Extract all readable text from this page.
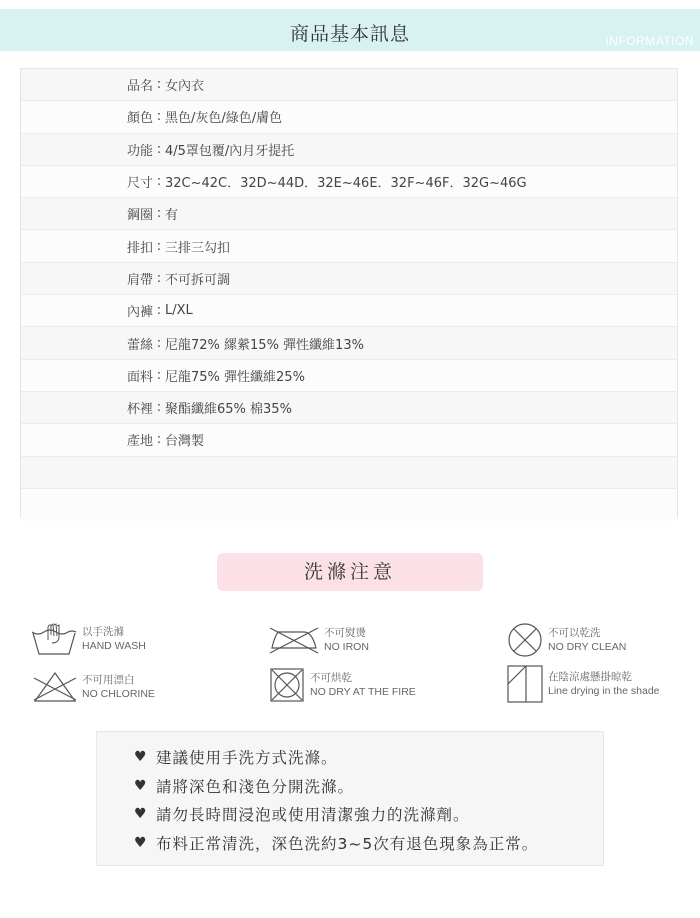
商品基本訊息	INFORMATION
品名 : 女內衣
顏色 : 黑色/灰色/綠色/膚色
功能 : 4/5罩包覆/內月牙提托
尺寸 : 32C~42C．32D~44D．32E~46E．32F~46F．32G~46G
鋼圈 : 有
排扣 : 三排三勾扣
肩帶 : 不可拆可調
內褲 : L/XL
蕾絲 : 尼龍72% 縲縈15% 彈性纖維13%
面料 : 尼龍75% 彈性纖維25%
杯裡 : 聚酯纖維65% 棉35%
產地 : 台灣製
洗滌注意
以手洗滌
HAND WASH
不可熨燙
NO IRON
不可以乾洗
NO DRY CLEAN
不可用漂白
NO CHLORINE
不可烘乾
NO DRY AT THE FIRE
在陰涼處懸掛晾乾
Line drying in the shade
♥ 建議使用手洗方式洗滌。
♥ 請將深色和淺色分開洗滌。
♥ 請勿長時間浸泡或使用清潔強力的洗滌劑。
♥ 布料正常清洗，深色洗約3~5次有退色現象為正常。
